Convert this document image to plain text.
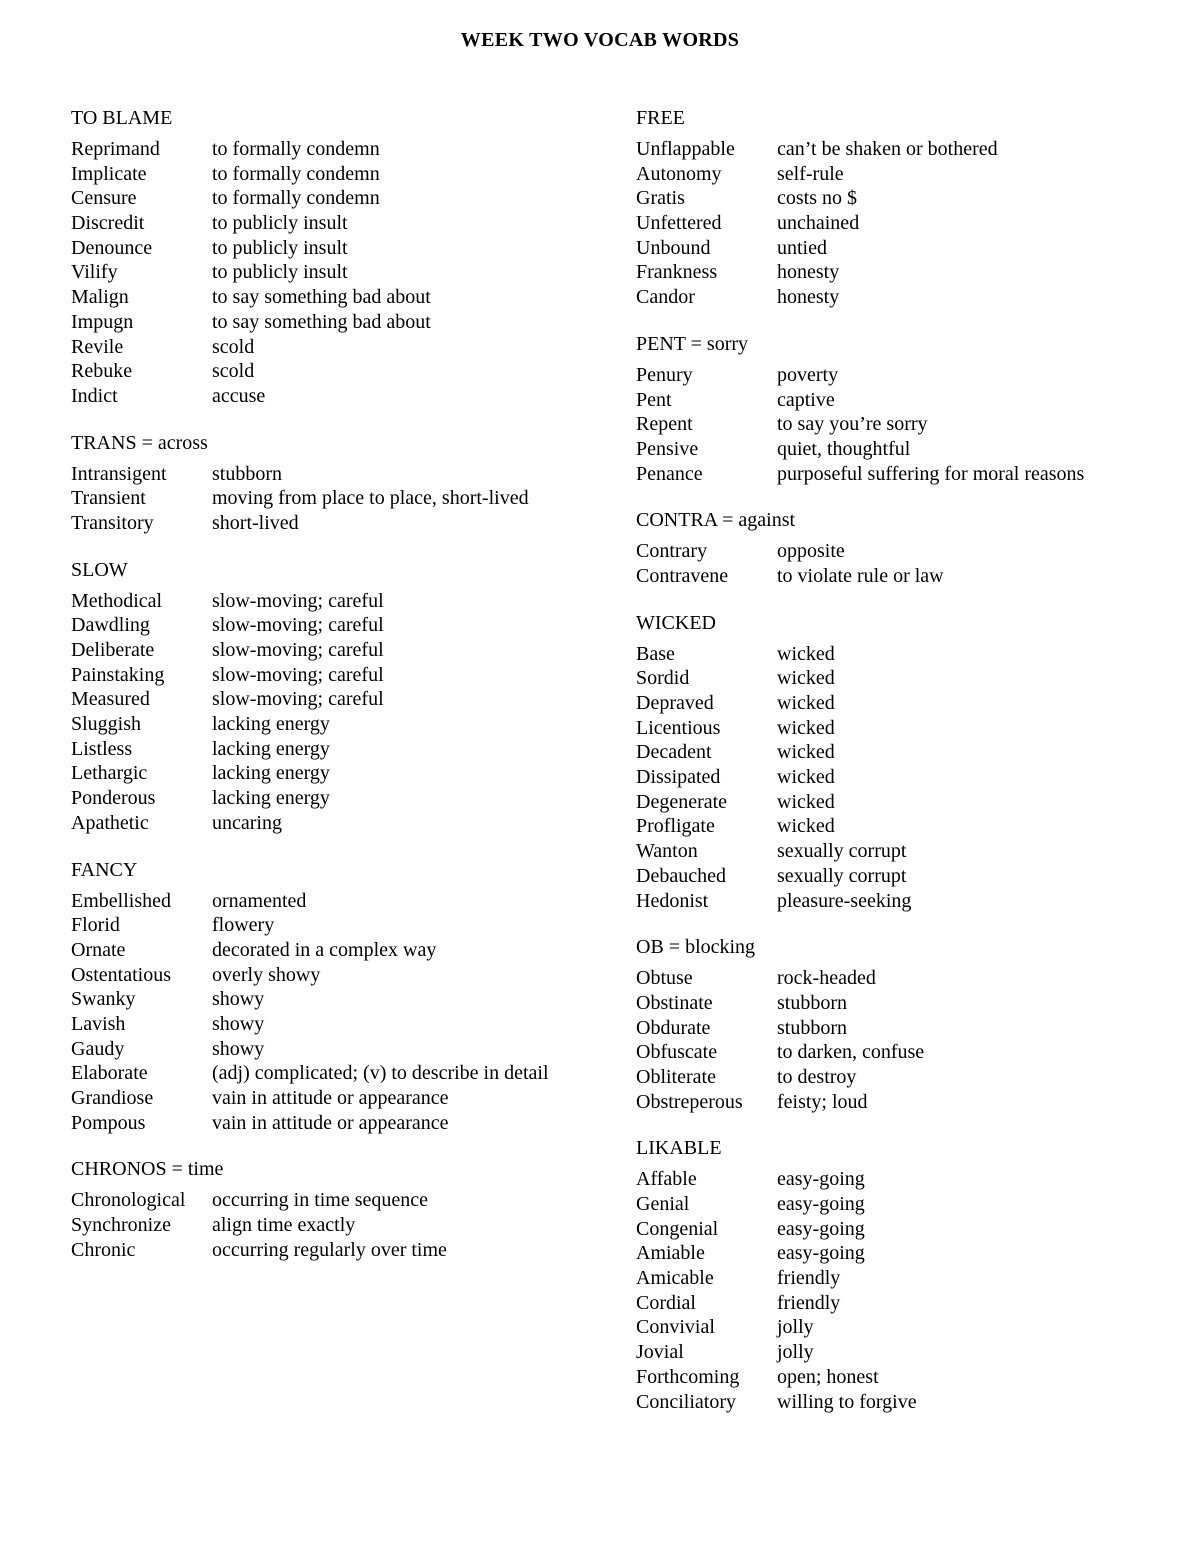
WEEK TWO VOCAB WORDS
TO BLAME
Reprimand	to formally condemn
Implicate	to formally condemn
Censure	to formally condemn
Discredit	to publicly insult
Denounce	to publicly insult
Vilify	to publicly insult
Malign	to say something bad about
Impugn	to say something bad about
Revile	scold
Rebuke	scold
Indict	accuse
TRANS = across
Intransigent	stubborn
Transient	moving from place to place, short-lived
Transitory	short-lived
SLOW
Methodical	slow-moving; careful
Dawdling	slow-moving; careful
Deliberate	slow-moving; careful
Painstaking	slow-moving; careful
Measured	slow-moving; careful
Sluggish	lacking energy
Listless	lacking energy
Lethargic	lacking energy
Ponderous	lacking energy
Apathetic	uncaring
FANCY
Embellished	ornamented
Florid	flowery
Ornate	decorated in a complex way
Ostentatious	overly showy
Swanky	showy
Lavish	showy
Gaudy	showy
Elaborate	(adj) complicated; (v) to describe in detail
Grandiose	vain in attitude or appearance
Pompous	vain in attitude or appearance
CHRONOS = time
Chronological	occurring in time sequence
Synchronize	align time exactly
Chronic	occurring regularly over time
FREE
Unflappable	can’t be shaken or bothered
Autonomy	self-rule
Gratis	costs no $
Unfettered	unchained
Unbound	untied
Frankness	honesty
Candor	honesty
PENT = sorry
Penury	poverty
Pent	captive
Repent	to say you’re sorry
Pensive	quiet, thoughtful
Penance	purposeful suffering for moral reasons
CONTRA = against
Contrary	opposite
Contravene	to violate rule or law
WICKED
Base	wicked
Sordid	wicked
Depraved	wicked
Licentious	wicked
Decadent	wicked
Dissipated	wicked
Degenerate	wicked
Profligate	wicked
Wanton	sexually corrupt
Debauched	sexually corrupt
Hedonist	pleasure-seeking
OB = blocking
Obtuse	rock-headed
Obstinate	stubborn
Obdurate	stubborn
Obfuscate	to darken, confuse
Obliterate	to destroy
Obstreperous	feisty; loud
LIKABLE
Affable	easy-going
Genial	easy-going
Congenial	easy-going
Amiable	easy-going
Amicable	friendly
Cordial	friendly
Convivial	jolly
Jovial	jolly
Forthcoming	open; honest
Conciliatory	willing to forgive
